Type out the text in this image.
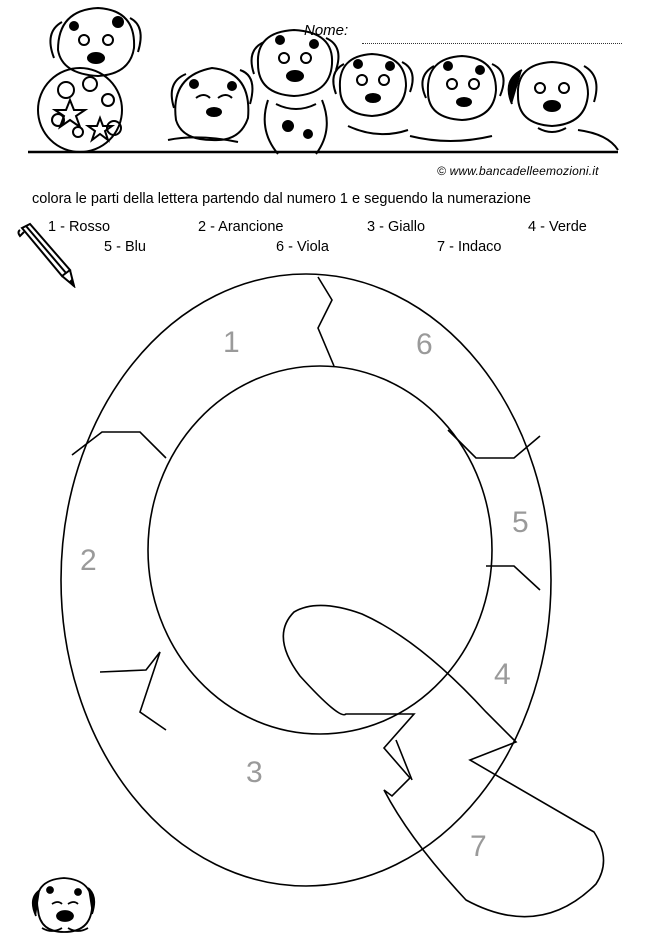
Nome:
© www.bancadelleemozioni.it
colora le parti della lettera partendo dal numero 1 e seguendo la numerazione
1 - Rosso	2 - Arancione	3 - Giallo	4 - Verde
5 - Blu	6 - Viola	7 - Indaco
1	6
2
5
4
3
7
